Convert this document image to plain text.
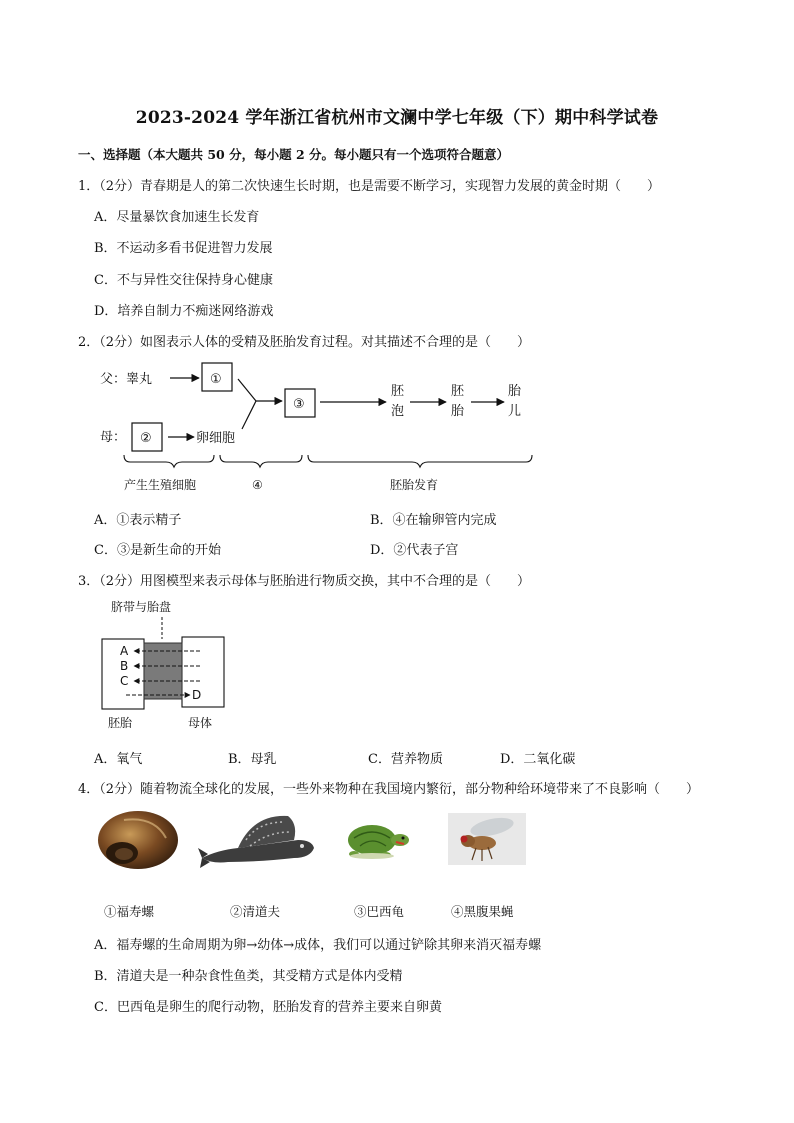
2023-2024 学年浙江省杭州市文澜中学七年级（下）期中科学试卷
一、选择题（本大题共 50 分，每小题 2 分。每小题只有一个选项符合题意）
1．（2分）青春期是人的第二次快速生长时期，也是需要不断学习，实现智力发展的黄金时期（　　）
A．尽量暴饮食加速生长发育
B．不运动多看书促进智力发展
C．不与异性交往保持身心健康
D．培养自制力不痴迷网络游戏
2．（2分）如图表示人体的受精及胚胎发育过程。对其描述不合理的是（　　）
父：睾丸	①
母： ②	卵细胞
③
胚
泡
胚
胎
胎
儿
产生生殖细胞	④	胚胎发育
A．①表示精子	B．④在输卵管内完成
C．③是新生命的开始	D．②代表子宫
3．（2分）用图模型来表示母体与胚胎进行物质交换，其中不合理的是（　　）
脐带与胎盘
A
B
C
D
胚胎	母体
A．氧气	B．母乳	C．营养物质	D．二氧化碳
4．（2分）随着物流全球化的发展，一些外来物种在我国境内繁衍，部分物种给环境带来了不良影响（　　）
①福寿螺	②清道夫	③巴西龟	④黑腹果蝇
A．福寿螺的生命周期为卵→幼体→成体，我们可以通过铲除其卵来消灭福寿螺
B．清道夫是一种杂食性鱼类，其受精方式是体内受精
C．巴西龟是卵生的爬行动物，胚胎发育的营养主要来自卵黄
